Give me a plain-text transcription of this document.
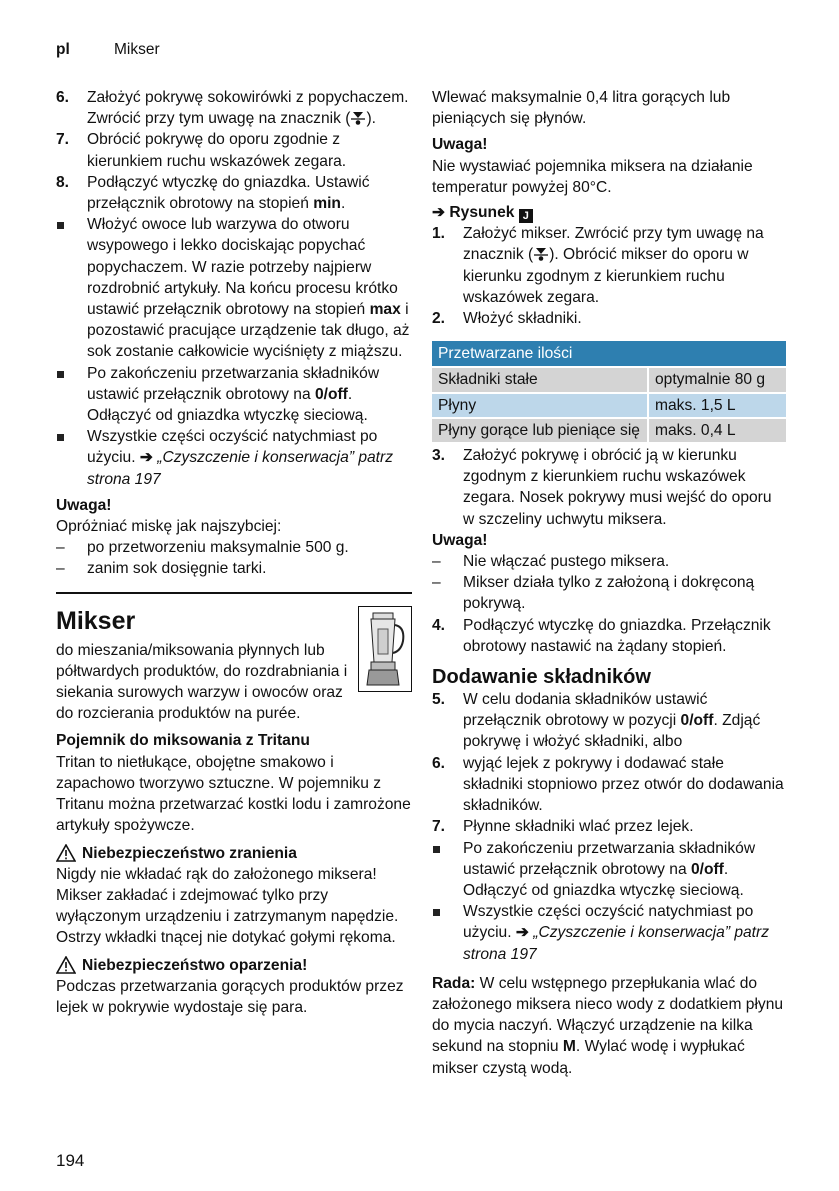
pl	Mikser

6. Założyć pokrywę sokowirówki z popychaczem. Zwrócić przy tym uwagę na znacznik ( ).

7. Obrócić pokrywę do oporu zgodnie z kierunkiem ruchu wskazówek zegara.

8. Podłączyć wtyczkę do gniazdka. Ustawić przełącznik obrotowy na stopień min.

Włożyć owoce lub warzywa do otworu wsypowego i lekko dociskając popychać popychaczem. W razie potrzeby najpierw rozdrobnić artykuły. Na końcu procesu krótko ustawić przełącznik obrotowy na stopień max i pozostawić pracujące urządzenie tak długo, aż sok zostanie całkowicie wyciśnięty z miąższu.

Po zakończeniu przetwarzania składników ustawić przełącznik obrotowy na 0/off. Odłączyć od gniazdka wtyczkę sieciową.

Wszystkie części oczyścić natychmiast po użyciu. ➔ „Czyszczenie i konserwacja” patrz strona 197

Uwaga!
Opróżniać miskę jak najszybciej:

– po przetworzeniu maksymalnie 500 g.

– zanim sok dosięgnie tarki.

Mikser
do mieszania/miksowania płynnych lub półtwardych produktów, do rozdrabniania i siekania surowych warzyw i owoców oraz do rozcierania produktów na purée.
Pojemnik do miksowania z Tritanu
Tritan to nietłukące, obojętne smakowo i zapachowo tworzywo sztuczne. W pojemniku z Tritanu można przetwarzać kostki lodu i zamrożone artykuły spożywcze.
Niebezpieczeństwo zranienia
Nigdy nie wkładać rąk do założonego miksera! Mikser zakładać i zdejmować tylko przy wyłączonym urządzeniu i zatrzymanym napędzie. Ostrzy wkładki tnącej nie dotykać gołymi rękoma.
Niebezpieczeństwo oparzenia!
Podczas przetwarzania gorących produktów przez lejek w pokrywie wydostaje się para.
Wlewać maksymalnie 0,4 litra gorących lub pieniących się płynów.
Uwaga!
Nie wystawiać pojemnika miksera na działanie temperatur powyżej 80°C.
➔ Rysunek J

1. Założyć mikser. Zwrócić przy tym uwagę na znacznik ( ). Obrócić mikser do oporu w kierunku zgodnym z kierunkiem ruchu wskazówek zegara.

2. Włożyć składniki.

Przetwarzane ilości	
Składniki stałe	optymalnie 80 g
Płyny	maks. 1,5 L
Płyny gorące lub pieniące się	maks. 0,4 L

3. Założyć pokrywę i obrócić ją w kierunku zgodnym z kierunkiem ruchu wskazówek zegara. Nosek pokrywy musi wejść do oporu w szczeliny uchwytu miksera.

Uwaga!

– Nie włączać pustego miksera.

– Mikser działa tylko z założoną i dokręconą pokrywą.

4. Podłączyć wtyczkę do gniazdka. Przełącznik obrotowy nastawić na żądany stopień.

Dodawanie składników

5. W celu dodania składników ustawić przełącznik obrotowy w pozycji 0/off. Zdjąć pokrywę i włożyć składniki, albo

6. wyjąć lejek z pokrywy i dodawać stałe składniki stopniowo przez otwór do dodawania składników.

7. Płynne składniki wlać przez lejek.

Po zakończeniu przetwarzania składników ustawić przełącznik obrotowy na 0/off. Odłączyć od gniazdka wtyczkę sieciową.

Wszystkie części oczyścić natychmiast po użyciu. ➔ „Czyszczenie i konserwacja” patrz strona 197

Rada: W celu wstępnego przepłukania wlać do założonego miksera nieco wody z dodatkiem płynu do mycia naczyń. Włączyć urządzenie na kilka sekund na stopniu M. Wylać wodę i wypłukać mikser czystą wodą.
194
